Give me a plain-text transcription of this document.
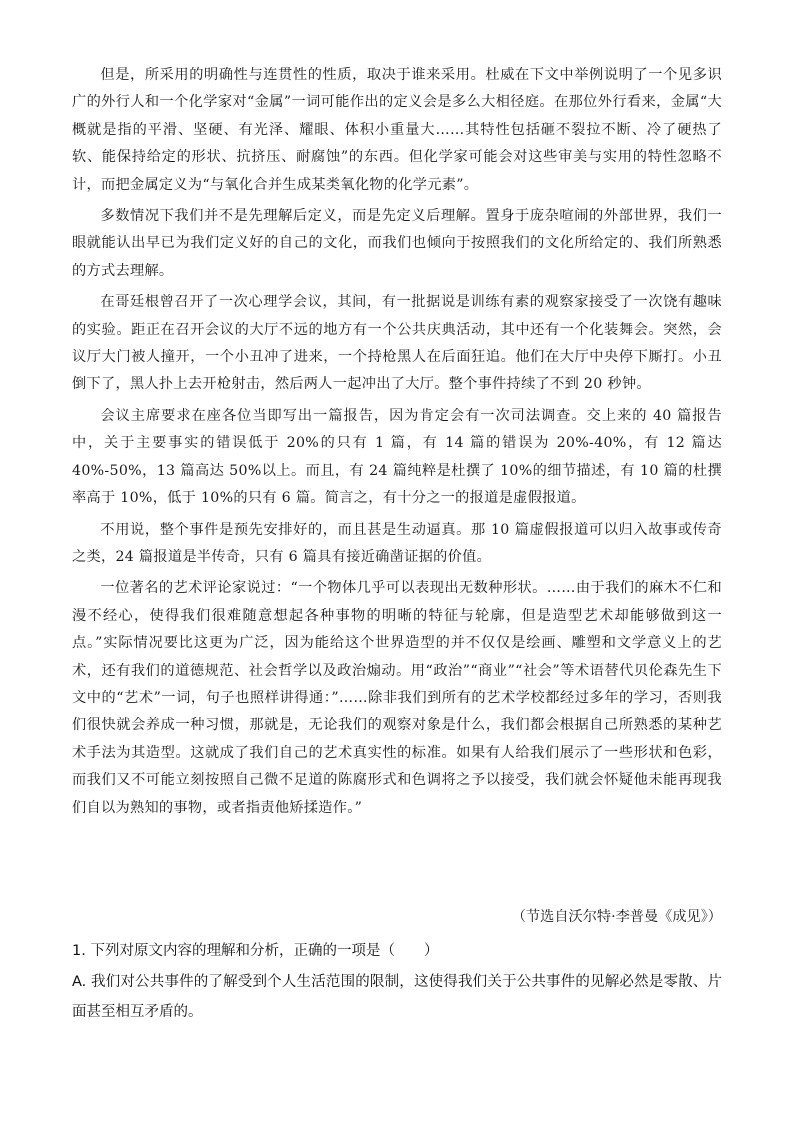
但是，所采用的明确性与连贯性的性质，取决于谁来采用。杜威在下文中举例说明了一个见多识广的外行人和一个化学家对“金属”一词可能作出的定义会是多么大相径庭。在那位外行看来，金属“大概就是指的平滑、坚硬、有光泽、耀眼、体积小重量大……其特性包括砸不裂拉不断、冷了硬热了软、能保持给定的形状、抗挤压、耐腐蚀”的东西。但化学家可能会对这些审美与实用的特性忽略不计，而把金属定义为“与氧化合并生成某类氧化物的化学元素”。

多数情况下我们并不是先理解后定义，而是先定义后理解。置身于庞杂喧闹的外部世界，我们一眼就能认出早已为我们定义好的自己的文化，而我们也倾向于按照我们的文化所给定的、我们所熟悉的方式去理解。

在哥廷根曾召开了一次心理学会议，其间，有一批据说是训练有素的观察家接受了一次饶有趣味的实验。距正在召开会议的大厅不远的地方有一个公共庆典活动，其中还有一个化装舞会。突然，会议厅大门被人撞开，一个小丑冲了进来，一个持枪黑人在后面狂追。他们在大厅中央停下厮打。小丑倒下了，黑人扑上去开枪射击，然后两人一起冲出了大厅。整个事件持续了不到 20 秒钟。

会议主席要求在座各位当即写出一篇报告，因为肯定会有一次司法调查。交上来的 40 篇报告中，关于主要事实的错误低于 20%的只有 1 篇，有 14 篇的错误为 20%-40%，有 12 篇达 40%-50%，13 篇高达 50%以上。而且，有 24 篇纯粹是杜撰了 10%的细节描述，有 10 篇的杜撰率高于 10%，低于 10%的只有 6 篇。简言之，有十分之一的报道是虚假报道。

不用说，整个事件是预先安排好的，而且甚是生动逼真。那 10 篇虚假报道可以归入故事或传奇之类，24 篇报道是半传奇，只有 6 篇具有接近确凿证据的价值。

一位著名的艺术评论家说过：“一个物体几乎可以表现出无数种形状。……由于我们的麻木不仁和漫不经心，使得我们很难随意想起各种事物的明晰的特征与轮廓，但是造型艺术却能够做到这一点。”实际情况要比这更为广泛，因为能给这个世界造型的并不仅仅是绘画、雕塑和文学意义上的艺术，还有我们的道德规范、社会哲学以及政治煽动。用“政治”“商业”“社会”等术语替代贝伦森先生下文中的“艺术”一词，句子也照样讲得通：”……除非我们到所有的艺术学校都经过多年的学习，否则我们很快就会养成一种习惯，那就是，无论我们的观察对象是什么，我们都会根据自己所熟悉的某种艺术手法为其造型。这就成了我们自己的艺术真实性的标准。如果有人给我们展示了一些形状和色彩，而我们又不可能立刻按照自己微不足道的陈腐形式和色调将之予以接受，我们就会怀疑他未能再现我们自以为熟知的事物，或者指责他矫揉造作。”

（节选自沃尔特·李普曼《成见》）

1. 下列对原文内容的理解和分析，正确的一项是（　　）

A. 我们对公共事件的了解受到个人生活范围的限制，这使得我们关于公共事件的见解必然是零散、片面甚至相互矛盾的。
